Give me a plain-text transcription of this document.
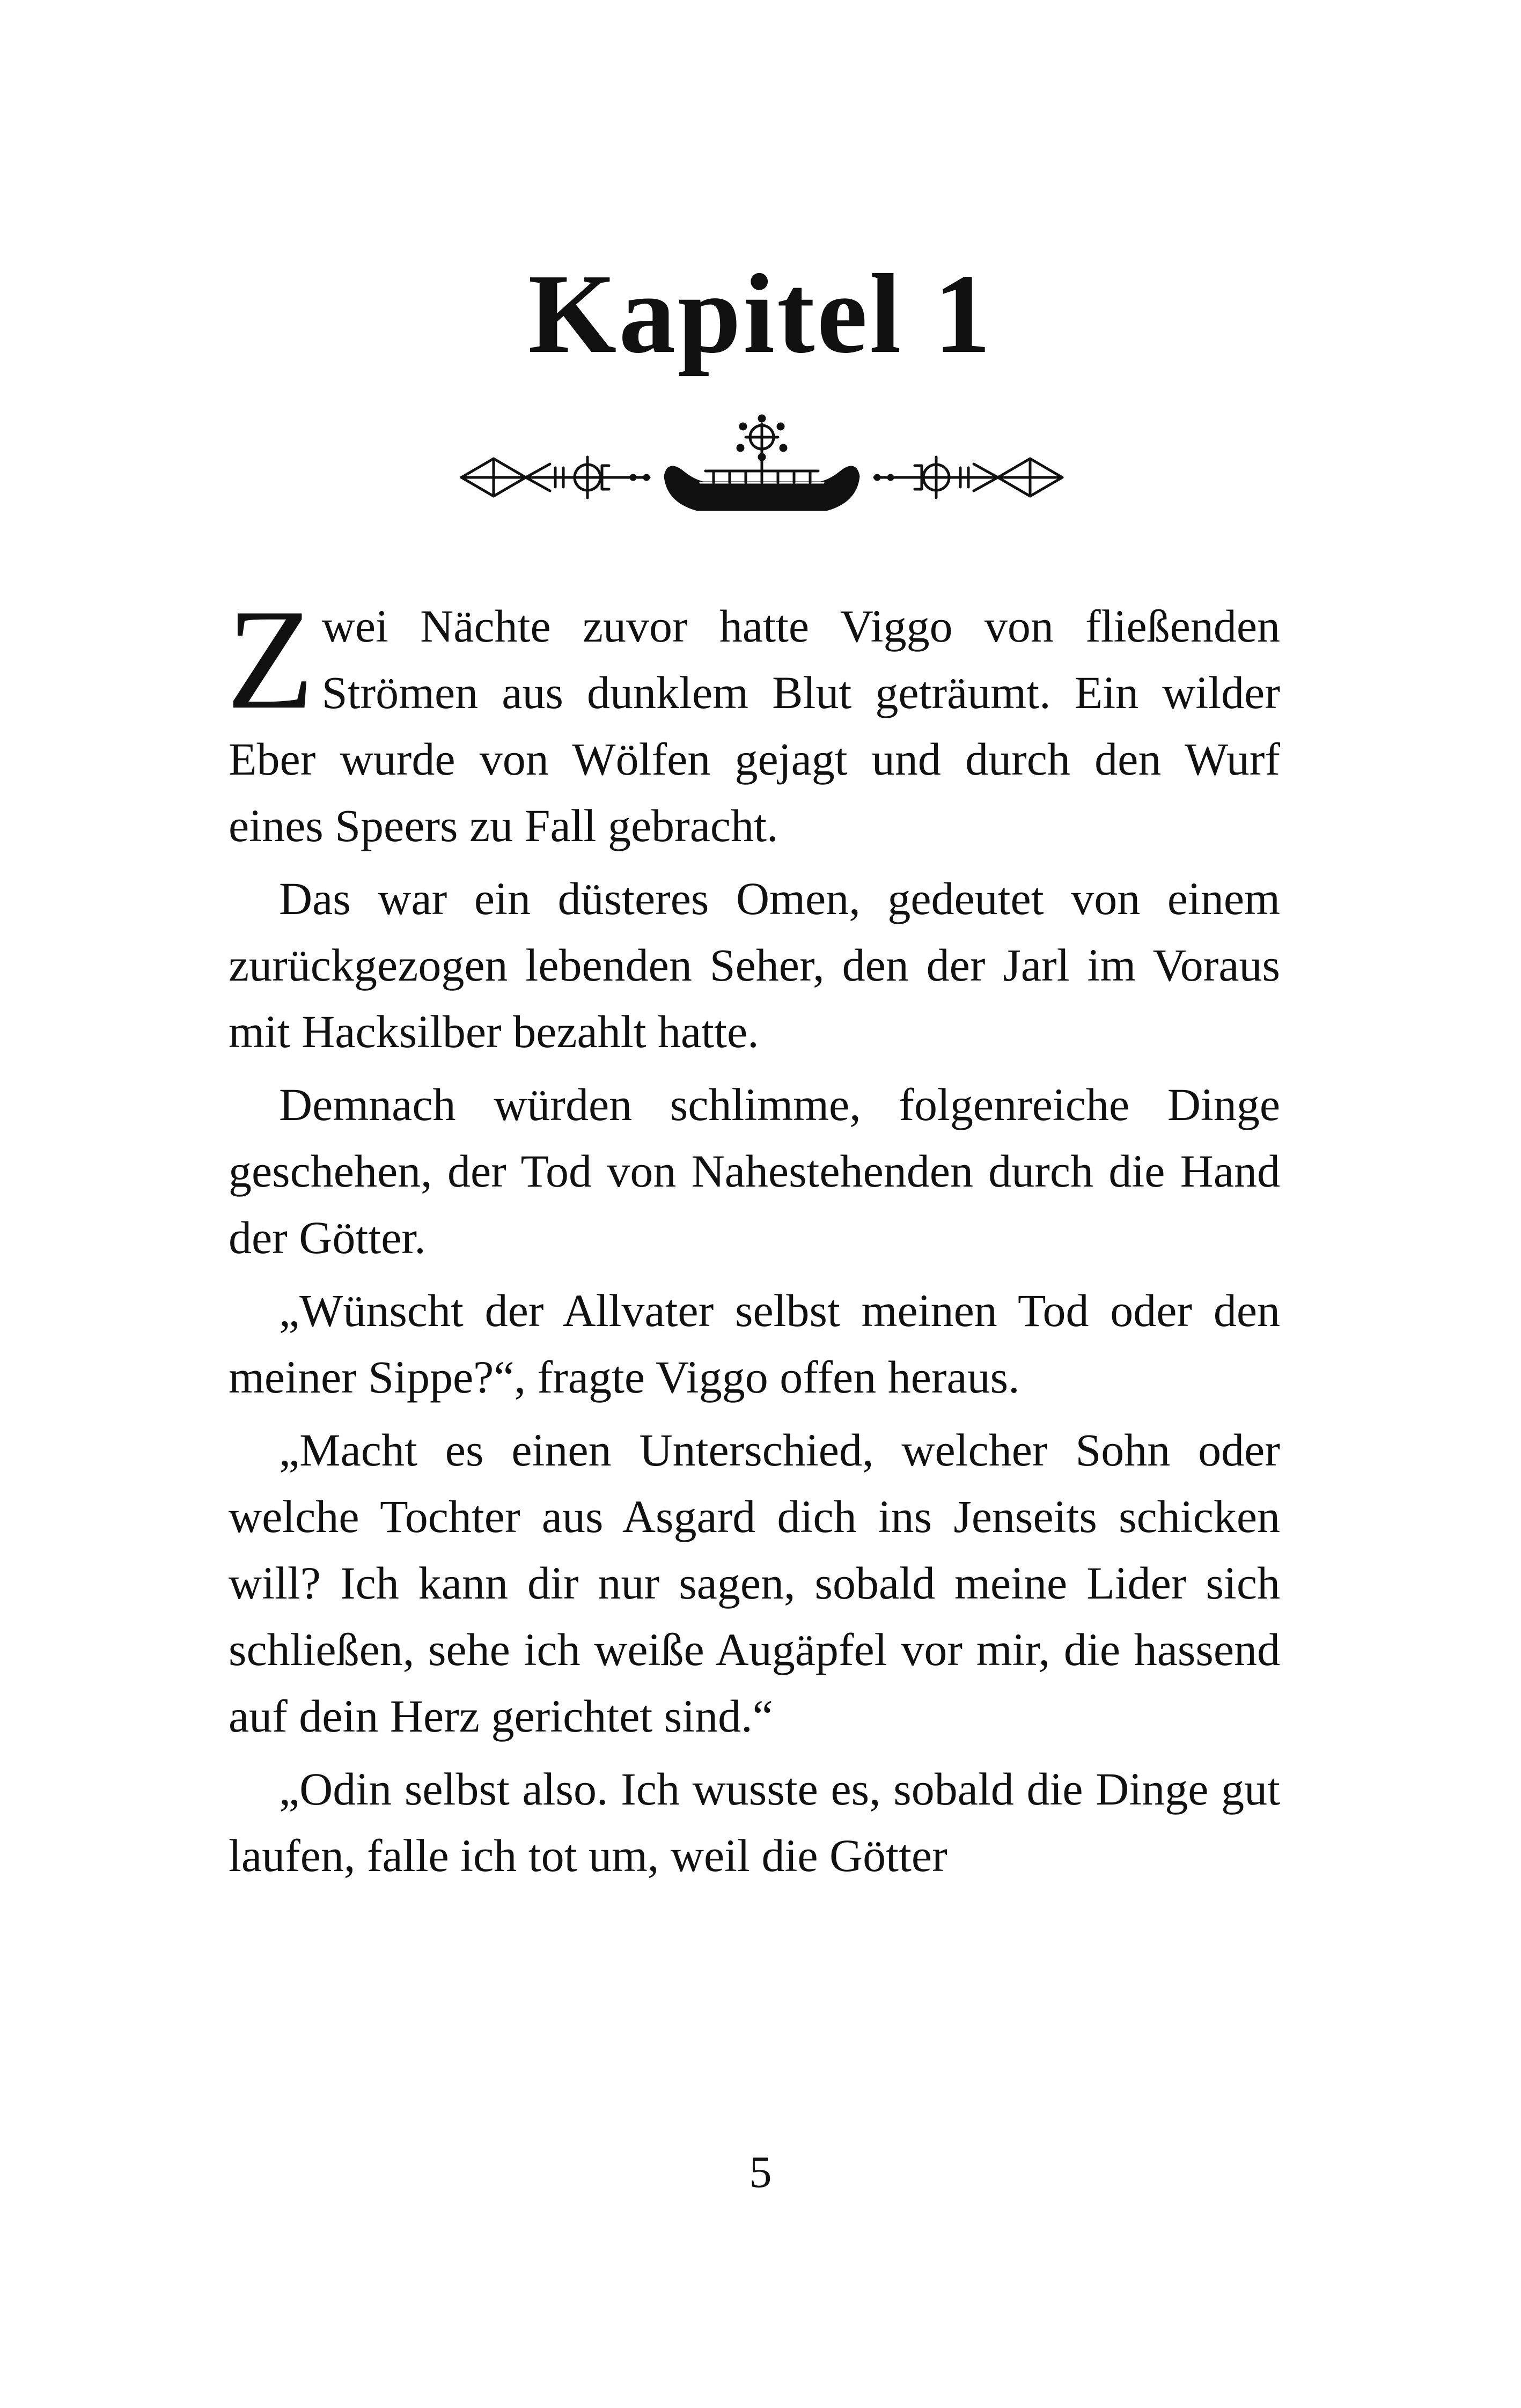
Kapitel 1

Zwei Nächte zuvor hatte Viggo von fließenden Strömen aus dunklem Blut geträumt. Ein wilder Eber wurde von Wölfen gejagt und durch den Wurf eines Speers zu Fall gebracht.

Das war ein düsteres Omen, gedeutet von einem zurückgezogen lebenden Seher, den der Jarl im Voraus mit Hacksilber bezahlt hatte.

Demnach würden schlimme, folgenreiche Dinge geschehen, der Tod von Nahestehenden durch die Hand der Götter.

„Wünscht der Allvater selbst meinen Tod oder den meiner Sippe?“, fragte Viggo offen heraus.

„Macht es einen Unterschied, welcher Sohn oder welche Tochter aus Asgard dich ins Jenseits schicken will? Ich kann dir nur sagen, sobald meine Lider sich schließen, sehe ich weiße Augäpfel vor mir, die hassend auf dein Herz gerichtet sind.“

„Odin selbst also. Ich wusste es, sobald die Dinge gut laufen, falle ich tot um, weil die Götter

5
